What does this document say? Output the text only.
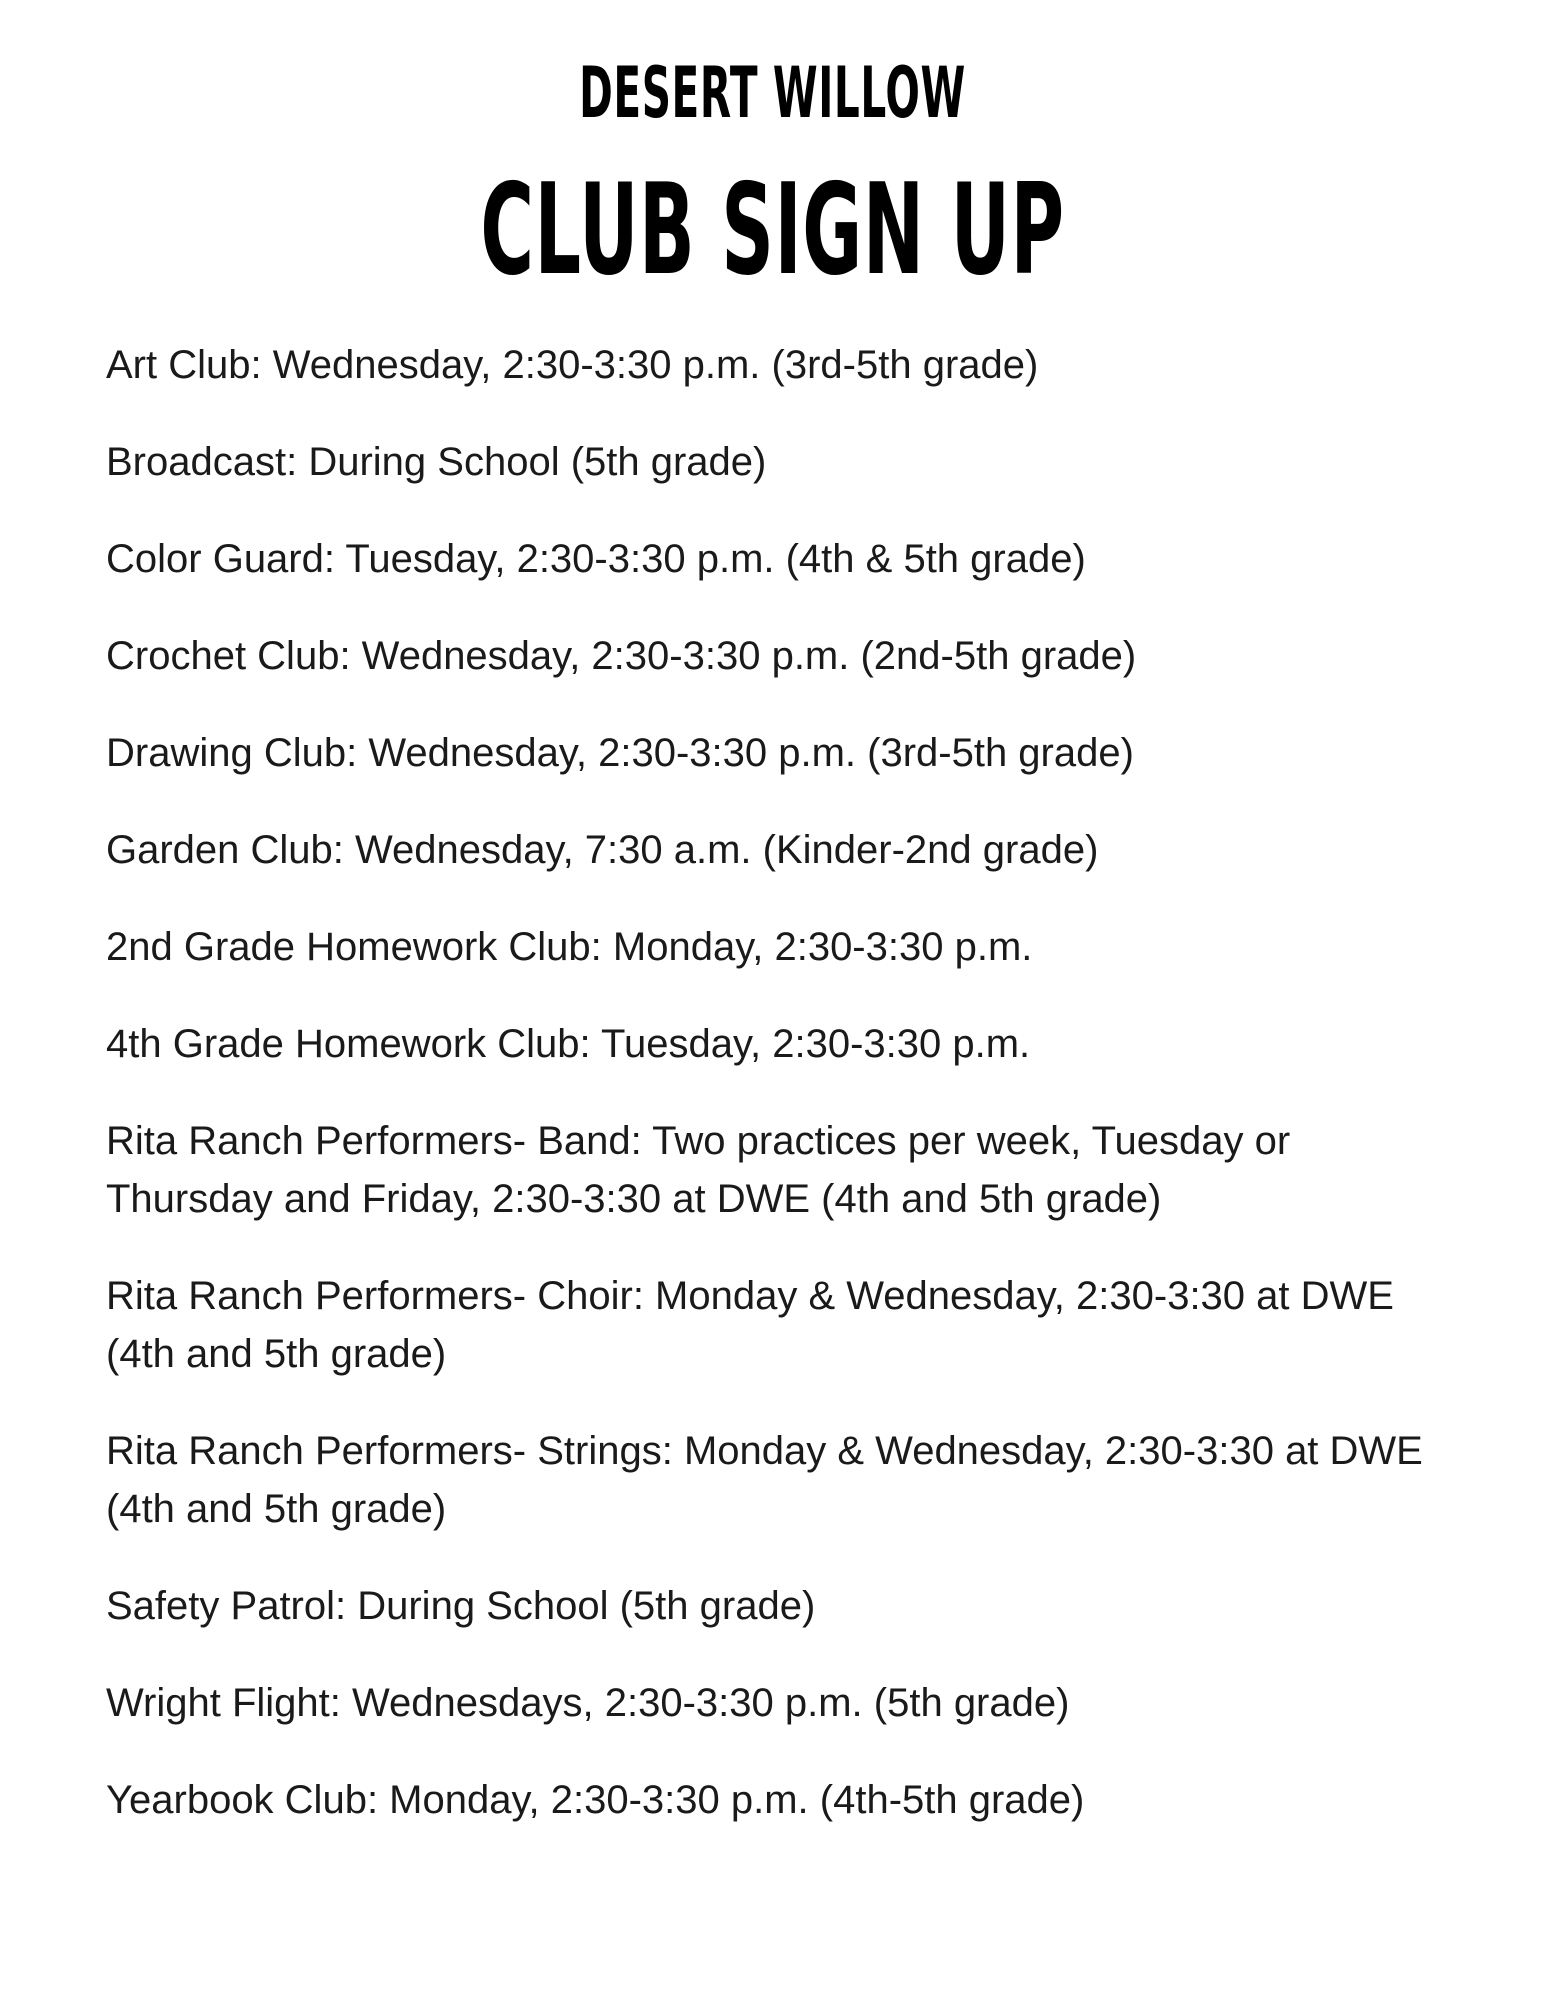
DESERT WILLOW
CLUB SIGN UP
Art Club: Wednesday, 2:30-3:30 p.m. (3rd-5th grade)
Broadcast: During School (5th grade)
Color Guard: Tuesday, 2:30-3:30 p.m. (4th & 5th grade)
Crochet Club: Wednesday, 2:30-3:30 p.m. (2nd-5th grade)
Drawing Club: Wednesday, 2:30-3:30 p.m. (3rd-5th grade)
Garden Club: Wednesday, 7:30 a.m. (Kinder-2nd grade)
2nd Grade Homework Club: Monday, 2:30-3:30 p.m.
4th Grade Homework Club: Tuesday, 2:30-3:30 p.m.
Rita Ranch Performers- Band: Two practices per week, Tuesday or Thursday and Friday, 2:30-3:30 at DWE (4th and 5th grade)
Rita Ranch Performers- Choir: Monday & Wednesday, 2:30-3:30 at DWE (4th and 5th grade)
Rita Ranch Performers- Strings: Monday & Wednesday, 2:30-3:30 at DWE (4th and 5th grade)
Safety Patrol: During School (5th grade)
Wright Flight: Wednesdays, 2:30-3:30 p.m. (5th grade)
Yearbook Club: Monday, 2:30-3:30 p.m. (4th-5th grade)
